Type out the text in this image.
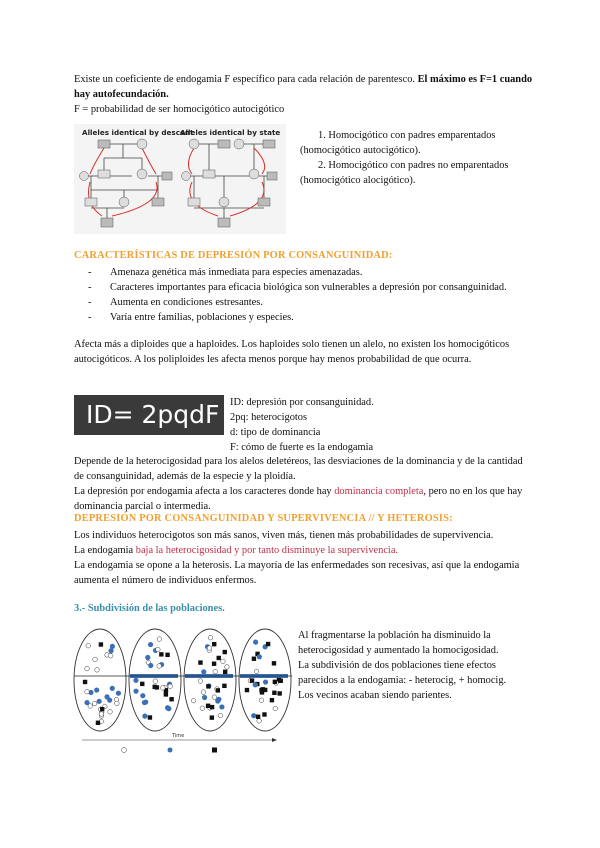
Existe un coeficiente de endogamia F específico para cada relación de parentesco. El máximo es F=1 cuando hay autofecundación.
F = probabilidad de ser homocigótico autocigótico
Alleles identical by descent
Alleles identical by state	1. Homocigótico con padres emparentados (homocigótico autocigótico).
2. Homocigótico con padres no emparentados (homocigótico alocigótico).
CARACTERÍSTICAS DE DEPRESIÓN POR CONSANGUINIDAD:
- Amenaza genética más inmediata para especies amenazadas.
- Caracteres importantes para eficacia biológica son vulnerables a depresión por consanguinidad.
- Aumenta en condiciones estresantes.
- Varía entre familias, poblaciones y especies.
Afecta más a diploides que a haploides. Los haploides solo tienen un alelo, no existen los homocigóticos autocigóticos. A los poliploides les afecta menos porque hay menos probabilidad de que ocurra.
ID= 2pqdF	ID: depresión por consanguinidad.
2pq: heterocigotos
d: tipo de dominancia
F: cómo de fuerte es la endogamia
Depende de la heterocigosidad para los alelos deletéreos, las desviaciones de la dominancia y de la cantidad de consanguinidad, además de la especie y la ploidía.
La depresión por endogamia afecta a los caracteres donde hay dominancia completa, pero no en los que hay dominancia parcial o intermedia.
DEPRESIÓN POR CONSANGUINIDAD Y SUPERVIVENCIA // Y HETEROSIS:
Los individuos heterocigotos son más sanos, viven más, tienen más probabilidades de supervivencia.
La endogamia baja la heterocigosidad y por tanto disminuye la supervivencia.
La endogamia se opone a la heterosis. La mayoría de las enfermedades son recesivas, así que la endogamia aumenta el número de individuos enfermos.
3.- Subdivisión de las poblaciones.
Time
Al fragmentarse la población ha disminuido la
heterocigosidad y aumentado la homocigosidad.
La subdivisión de dos poblaciones tiene efectos
parecidos a la endogamia: - heterocig, + homocig.
Los vecinos acaban siendo parientes.
